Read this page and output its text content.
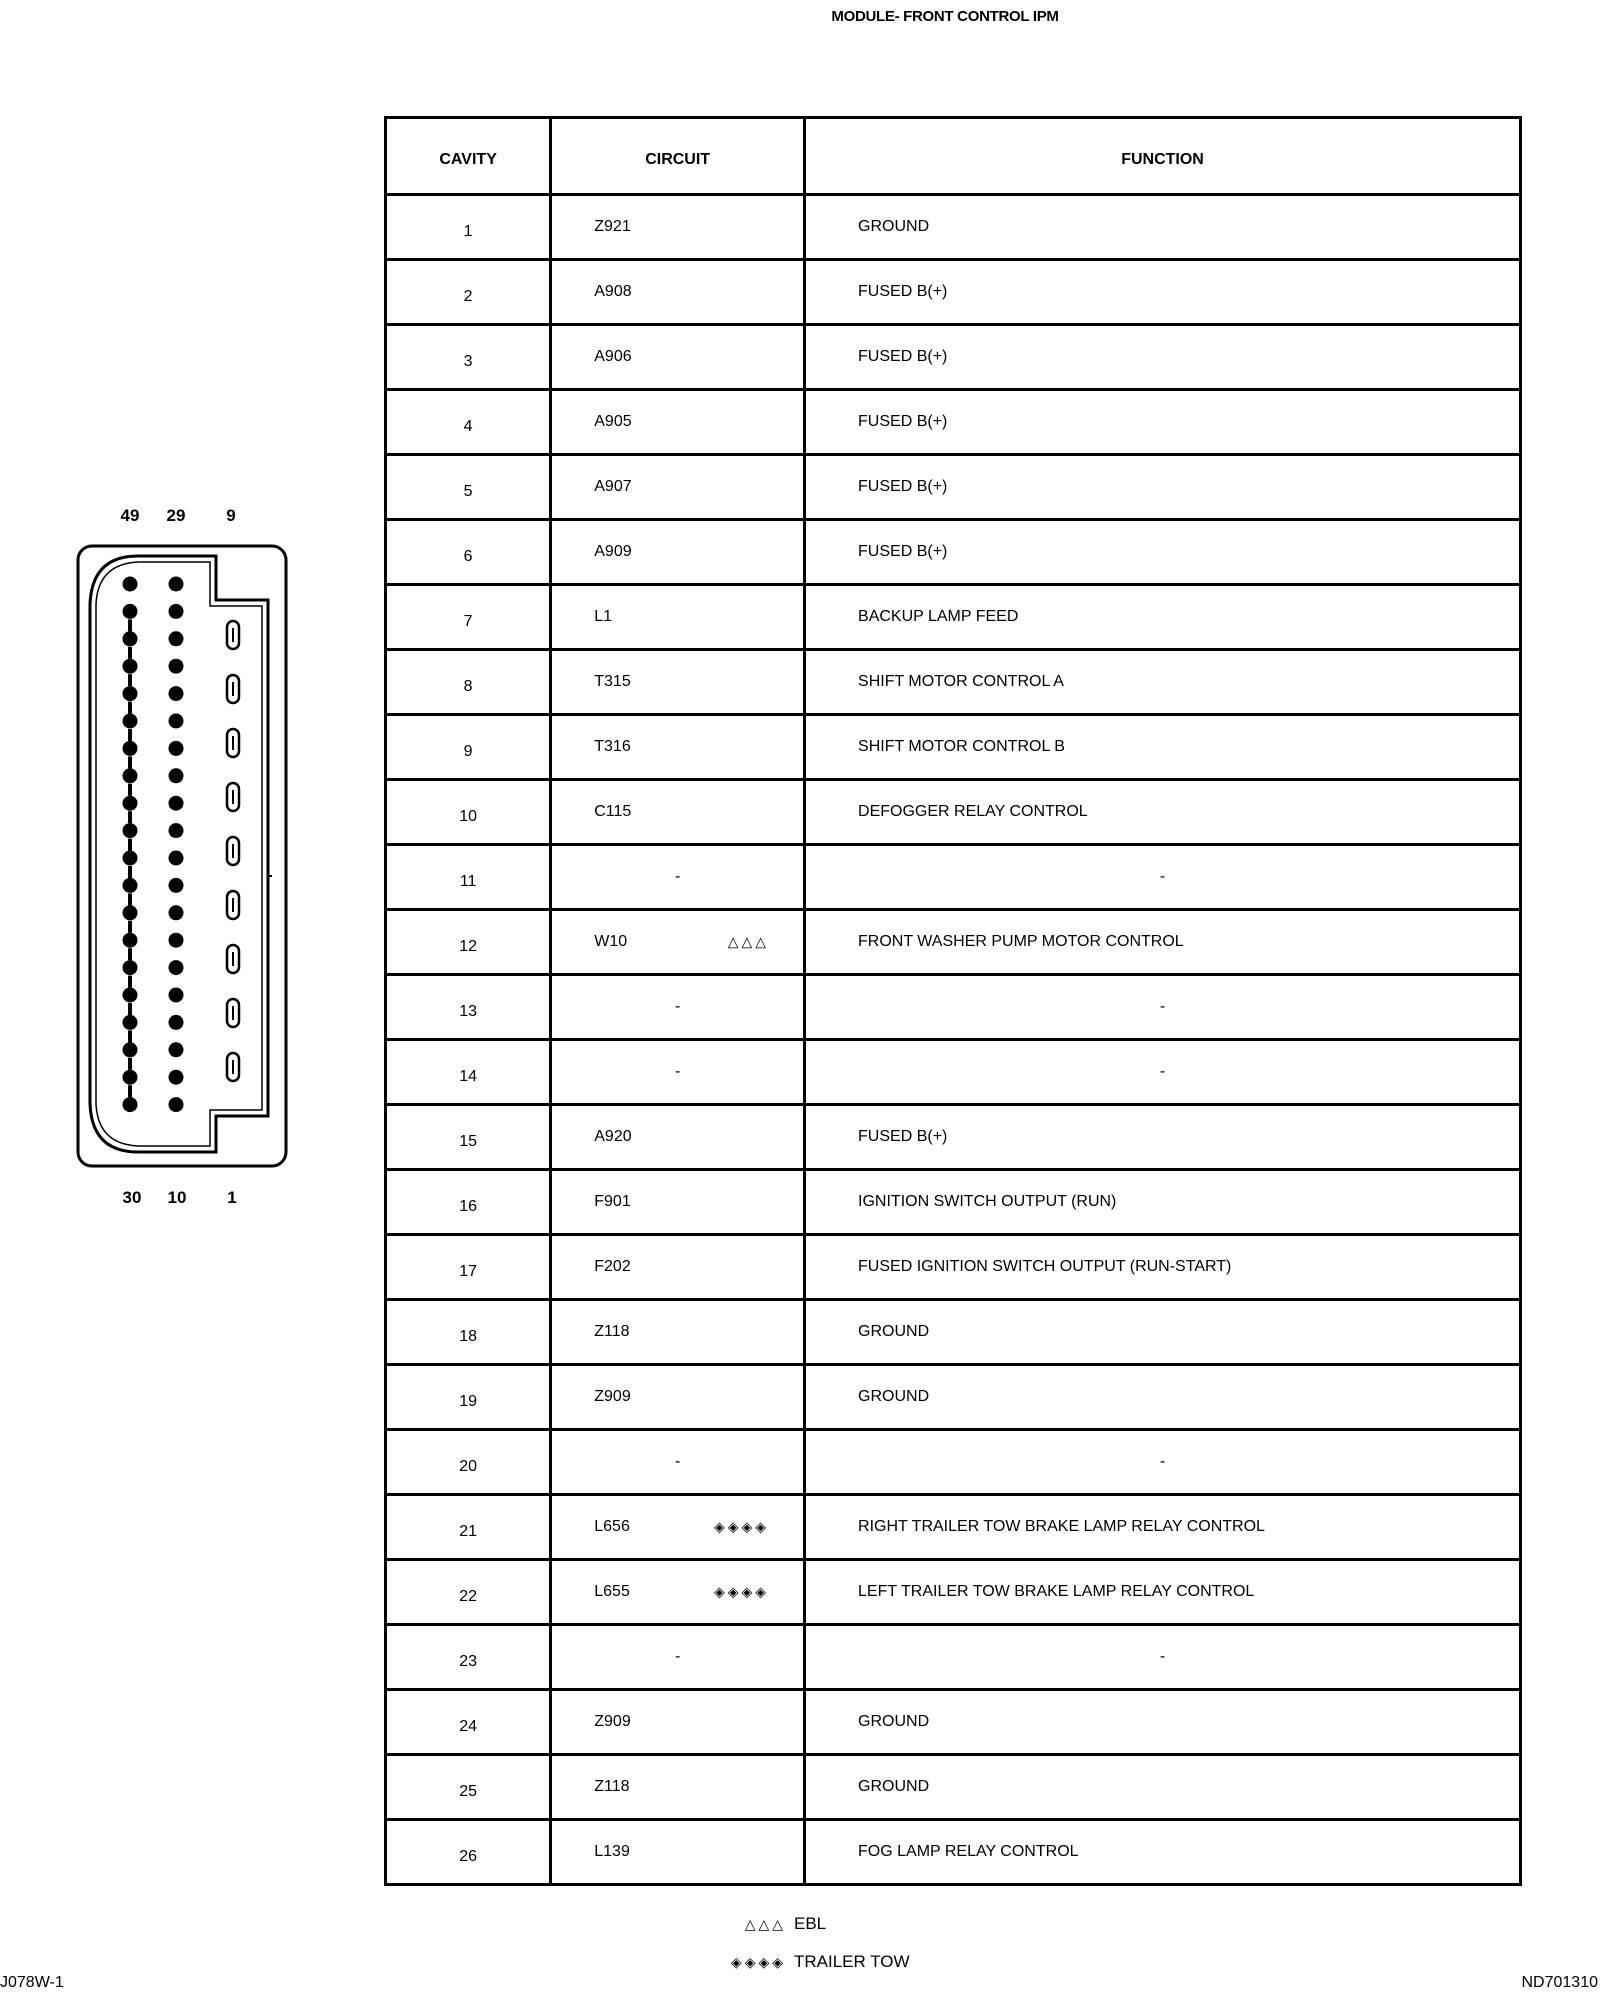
MODULE- FRONT CONTROL IPM
49	29	9
30	10	1
CAVITY	CIRCUIT	FUNCTION
1	Z921	GROUND
2	A908	FUSED B(+)
3	A906	FUSED B(+)
4	A905	FUSED B(+)
5	A907	FUSED B(+)
6	A909	FUSED B(+)
7	L1	BACKUP LAMP FEED
8	T315	SHIFT MOTOR CONTROL A
9	T316	SHIFT MOTOR CONTROL B
10	C115	DEFOGGER RELAY CONTROL
11	-	-
12	W10 △△△	FRONT WASHER PUMP MOTOR CONTROL
13	-	-
14	-	-
15	A920	FUSED B(+)
16	F901	IGNITION SWITCH OUTPUT (RUN)
17	F202	FUSED IGNITION SWITCH OUTPUT (RUN-START)
18	Z118	GROUND
19	Z909	GROUND
20	-	-
21	L656 ◈◈◈◈	RIGHT TRAILER TOW BRAKE LAMP RELAY CONTROL
22	L655 ◈◈◈◈	LEFT TRAILER TOW BRAKE LAMP RELAY CONTROL
23	-	-
24	Z909	GROUND
25	Z118	GROUND
26	L139	FOG LAMP RELAY CONTROL
△△△ EBL
◈◈◈◈ TRAILER TOW
J078W-1	ND701310
